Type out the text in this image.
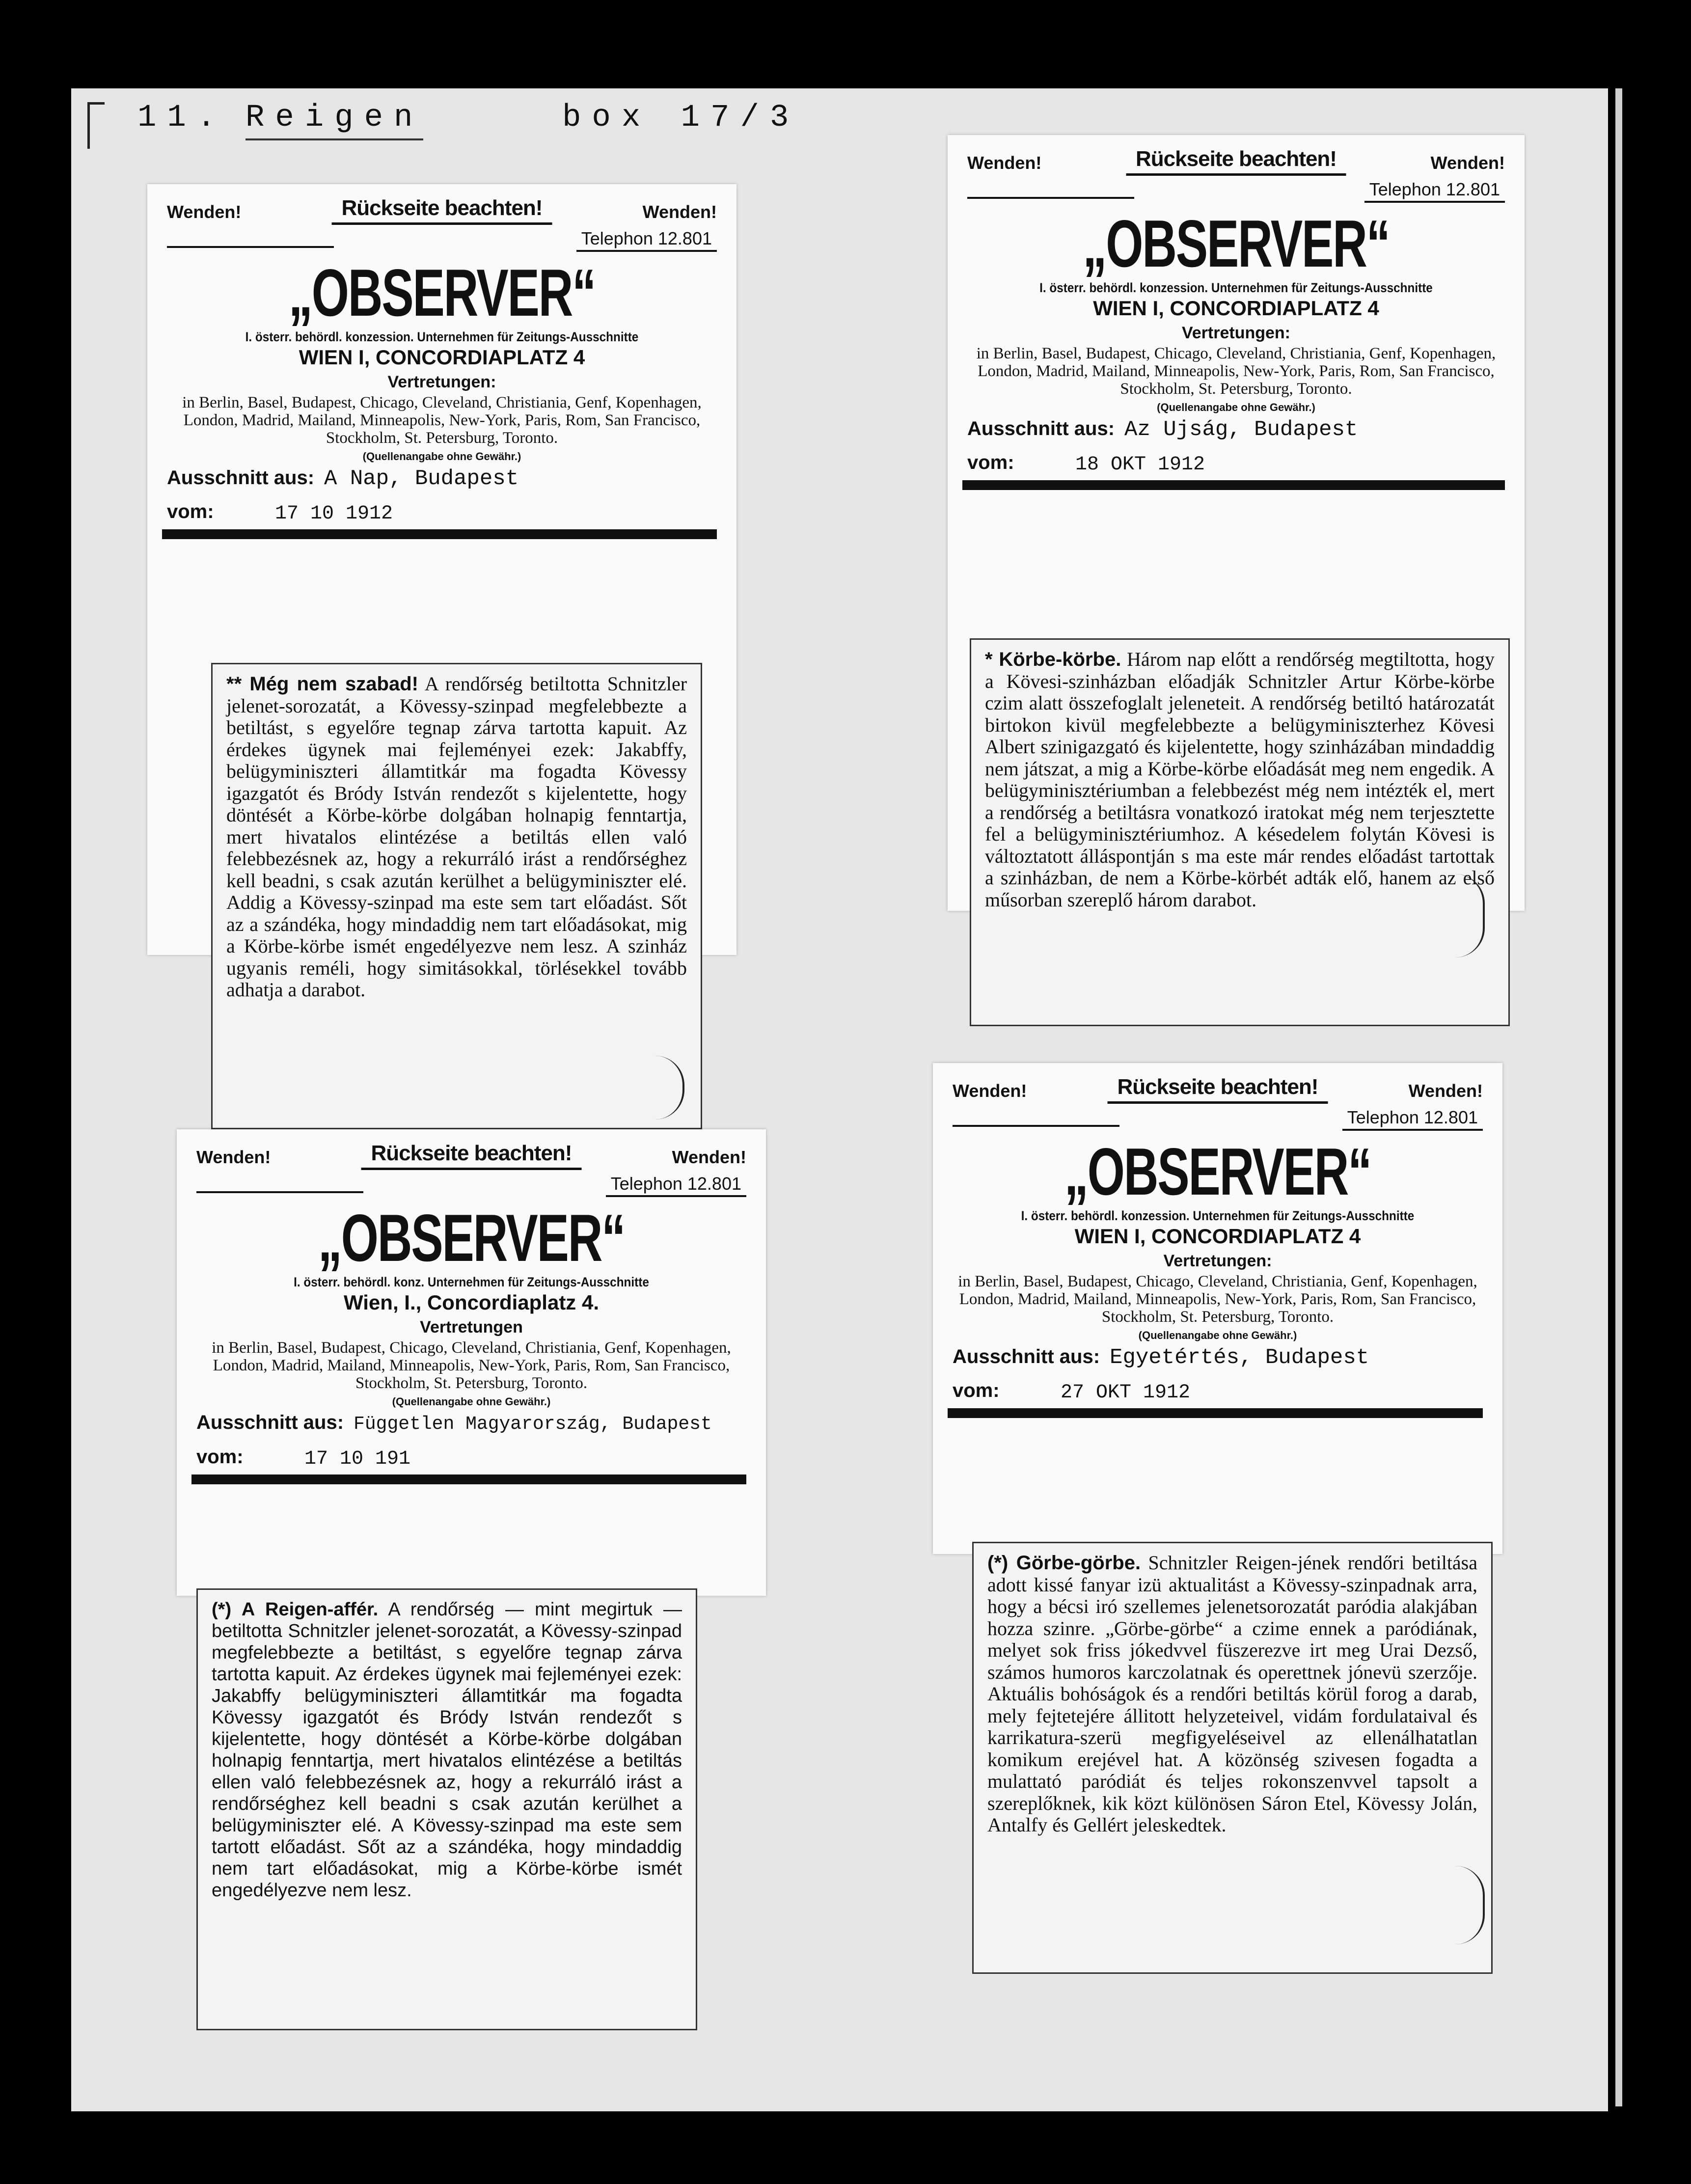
11. Reigen	box 17/3
Wenden!	Rückseite beachten!	Wenden!
Telephon 12.801
„OBSERVER“
I. österr. behördl. konzession. Unternehmen für Zeitungs-Ausschnitte
WIEN I, CONCORDIAPLATZ 4
Vertretungen:
in Berlin, Basel, Budapest, Chicago, Cleveland, Christiania, Genf, Kopenhagen, London, Madrid, Mailand, Minneapolis, New-York, Paris, Rom, San Francisco, Stockholm, St. Petersburg, Toronto.
(Quellenangabe ohne Gewähr.)
Ausschnitt aus: A Nap, Budapest
vom:	17 10 1912
** Még nem szabad! A rendőrség betiltotta Schnitzler jelenet-sorozatát, a Kövessy-szinpad megfelebbezte a betiltást, s egyelőre tegnap zárva tartotta kapuit. Az érdekes ügynek mai fejleményei ezek: Jakabffy, belügyminiszteri államtitkár ma fogadta Kövessy igazgatót és Bródy István rendezőt s kijelentette, hogy döntését a Körbe-körbe dolgában holnapig fenntartja, mert hivatalos elintézése a betiltás ellen való felebbezésnek az, hogy a rekurráló irást a rendőrséghez kell beadni, s csak azután kerülhet a belügyminiszter elé. Addig a Kövessy-szinpad ma este sem tart előadást. Sőt az a szándéka, hogy mindaddig nem tart előadásokat, mig a Körbe-körbe ismét engedélyezve nem lesz. A szinház ugyanis reméli, hogy simitásokkal, törlésekkel tovább adhatja a darabot.
Wenden!	Rückseite beachten!	Wenden!
Telephon 12.801
„OBSERVER“
I. österr. behördl. konzession. Unternehmen für Zeitungs-Ausschnitte
WIEN I, CONCORDIAPLATZ 4
Vertretungen:
in Berlin, Basel, Budapest, Chicago, Cleveland, Christiania, Genf, Kopenhagen, London, Madrid, Mailand, Minneapolis, New-York, Paris, Rom, San Francisco, Stockholm, St. Petersburg, Toronto.
(Quellenangabe ohne Gewähr.)
Ausschnitt aus: Az Ujság, Budapest
vom:	18 OKT 1912
* Körbe-körbe. Három nap előtt a rendőrség megtiltotta, hogy a Kövesi-szinházban előadják Schnitzler Artur Körbe-körbe czim alatt összefoglalt jeleneteit. A rendőrség betiltó határozatát birtokon kivül megfelebbezte a belügyminiszterhez Kövesi Albert szinigazgató és kijelentette, hogy szinházában mindaddig nem játszat, a mig a Körbe-körbe előadását meg nem engedik. A belügyminisztériumban a felebbezést még nem intézték el, mert a rendőrség a betiltásra vonatkozó iratokat még nem terjesztette fel a belügyminisztériumhoz. A késedelem folytán Kövesi is változtatott álláspontján s ma este már rendes előadást tartottak a szinházban, de nem a Körbe-körbét adták elő, hanem az első műsorban szereplő három darabot.
Wenden!	Rückseite beachten!	Wenden!
Telephon 12.801
„OBSERVER“
I. österr. behördl. konz. Unternehmen für Zeitungs-Ausschnitte
Wien, I., Concordiaplatz 4.
Vertretungen
in Berlin, Basel, Budapest, Chicago, Cleveland, Christiania, Genf, Kopenhagen, London, Madrid, Mailand, Minneapolis, New-York, Paris, Rom, San Francisco, Stockholm, St. Petersburg, Toronto.
(Quellenangabe ohne Gewähr.)
Ausschnitt aus: Független Magyarország, Budapest
vom:	17 10 191
(*) A Reigen-affér. A rendőrség — mint megirtuk — betiltotta Schnitzler jelenet-sorozatát, a Kövessy-szinpad megfelebbezte a betiltást, s egyelőre tegnap zárva tartotta kapuit. Az érdekes ügynek mai fejleményei ezek: Jakabffy belügyminiszteri államtitkár ma fogadta Kövessy igazgatót és Bródy István rendezőt s kijelentette, hogy döntését a Körbe-körbe dolgában holnapig fenntartja, mert hivatalos elintézése a betiltás ellen való felebbezésnek az, hogy a rekurráló irást a rendőrséghez kell beadni s csak azután kerülhet a belügyminiszter elé. A Kövessy-szinpad ma este sem tartott előadást. Sőt az a szándéka, hogy mindaddig nem tart előadásokat, mig a Körbe-körbe ismét engedélyezve nem lesz.
Wenden!	Rückseite beachten!	Wenden!
Telephon 12.801
„OBSERVER“
I. österr. behördl. konzession. Unternehmen für Zeitungs-Ausschnitte
WIEN I, CONCORDIAPLATZ 4
Vertretungen:
in Berlin, Basel, Budapest, Chicago, Cleveland, Christiania, Genf, Kopenhagen, London, Madrid, Mailand, Minneapolis, New-York, Paris, Rom, San Francisco, Stockholm, St. Petersburg, Toronto.
(Quellenangabe ohne Gewähr.)
Ausschnitt aus: Egyetértés, Budapest
vom:	27 OKT 1912
(*) Görbe-görbe. Schnitzler Reigen-jének rendőri betiltása adott kissé fanyar izü aktualitást a Kövessy-szinpadnak arra, hogy a bécsi iró szellemes jelenetsorozatát paródia alakjában hozza szinre. „Görbe-görbe“ a czime ennek a paródiának, melyet sok friss jókedvvel füszerezve irt meg Urai Dezső, számos humoros karczolatnak és operettnek jónevü szerzője. Aktuális bohóságok és a rendőri betiltás körül forog a darab, mely fejtetejére állitott helyzeteivel, vidám fordulataival és karrikatura-szerü megfigyeléseivel az ellenálhatatlan komikum erejével hat. A közönség szivesen fogadta a mulattató paródiát és teljes rokonszenvvel tapsolt a szereplőknek, kik közt különösen Sáron Etel, Kövessy Jolán, Antalfy és Gellért jeleskedtek.
